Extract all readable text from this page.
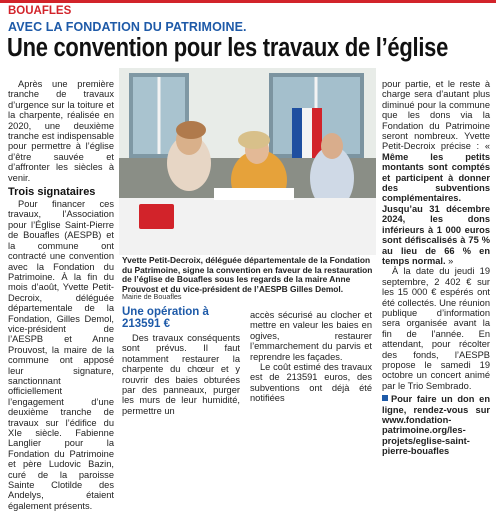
BOUAFLES
AVEC LA FONDATION DU PATRIMOINE.
Une convention pour les travaux de l’église

Après une première tranche de travaux d’urgence sur la toiture et la charpente, réalisée en 2020, une deuxième tranche est indispensable pour permettre à l’église d’être sauvée et d’affronter les siècles à venir.

Trois signataires

Pour financer ces travaux, l’Association pour l’Église Saint-Pierre de Bouafles (AESPB) et la commune ont contracté une convention avec la Fondation du Patrimoine. À la fin du mois d’août, Yvette Petit-Decroix, déléguée départementale de la Fondation, Gilles Demol, vice-président de l’AESPB et Anne Prouvost, la maire de la commune ont apposé leur signature, sanctionnant officiellement l’engagement d’une deuxième tranche de travaux sur l’édifice du XIe siècle. Fabienne Langlier pour la Fondation du Patrimoine et père Ludovic Bazin, curé de la paroisse Sainte Clotilde des Andelys, étaient également présents.

Yvette Petit-Decroix, déléguée départementale de la Fondation du Patrimoine, signe la convention en faveur de la restauration de l’église de Bouafles sous les regards de la maire Anne Prouvost et du vice-président de l’AESPB Gilles Demol.
Mairie de Bouafles
Une opération à 213591 €

Des travaux conséquents sont prévus. Il faut notamment restaurer la charpente du chœur et y rouvrir des baies obturées par des panneaux, purger les murs de leur humidité, permettre un

accès sécurisé au clocher et mettre en valeur les baies en ogives, restaurer l’emmarchement du parvis et reprendre les façades.

Le coût estimé des travaux est de 213591 euros, des subventions ont déjà été notifiées

pour partie, et le reste à charge sera d’autant plus diminué pour la commune que les dons via la Fondation du Patrimoine seront nombreux. Yvette Petit-Decroix précise : « Même les petits montants sont comptés et participent à donner des subventions complémentaires. Jusqu’au 31 décembre 2024, les dons inférieurs à 1 000 euros sont défiscalisés à 75 % au lieu de 66 % en temps normal. »

À la date du jeudi 19 septembre, 2 402 € sur les 15 000 € espérés ont été collectés. Une réunion publique d’information sera organisée avant la fin de l’année. En attendant, pour récolter des fonds, l’AESPB propose le samedi 19 octobre un concert animé par le Trio Sembrado.

Pour faire un don en ligne, rendez-vous sur www.fondation-patrimoine.org/les-projets/eglise-saint-pierre-bouafles
